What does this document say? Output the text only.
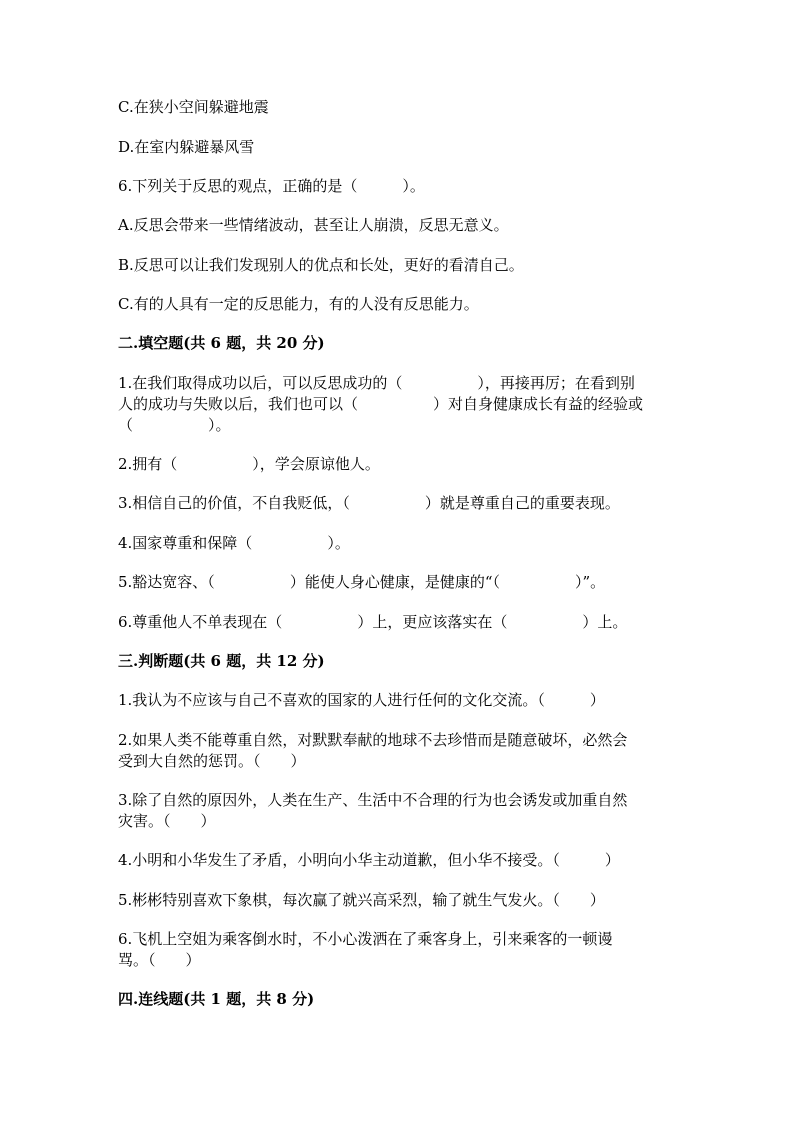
C.在狭小空间躲避地震
D.在室内躲避暴风雪
6.下列关于反思的观点，正确的是（　　　）。
A.反思会带来一些情绪波动，甚至让人崩溃，反思无意义。
B.反思可以让我们发现别人的优点和长处，更好的看清自己。
C.有的人具有一定的反思能力，有的人没有反思能力。
二.填空题(共 6 题，共 20 分)
1.在我们取得成功以后，可以反思成功的（　　　　　），再接再厉；在看到别
人的成功与失败以后，我们也可以（　　　　　）对自身健康成长有益的经验或
（　　　　　）。
2.拥有（　　　　　），学会原谅他人。
3.相信自己的价值，不自我贬低，（　　　　　）就是尊重自己的重要表现。
4.国家尊重和保障（　　　　　）。
5.豁达宽容、（　　　　　）能使人身心健康，是健康的“（　　　　　）”。
6.尊重他人不单表现在（　　　　　）上，更应该落实在（　　　　　）上。
三.判断题(共 6 题，共 12 分)
1.我认为不应该与自己不喜欢的国家的人进行任何的文化交流。（　　　）
2.如果人类不能尊重自然，对默默奉献的地球不去珍惜而是随意破坏，必然会
受到大自然的惩罚。（　　）
3.除了自然的原因外，人类在生产、生活中不合理的行为也会诱发或加重自然
灾害。（　　）
4.小明和小华发生了矛盾，小明向小华主动道歉，但小华不接受。（　　　）
5.彬彬特别喜欢下象棋，每次赢了就兴高采烈，输了就生气发火。（　　）
6.飞机上空姐为乘客倒水时，不小心泼洒在了乘客身上，引来乘客的一顿谩
骂。（　　）
四.连线题(共 1 题，共 8 分)
